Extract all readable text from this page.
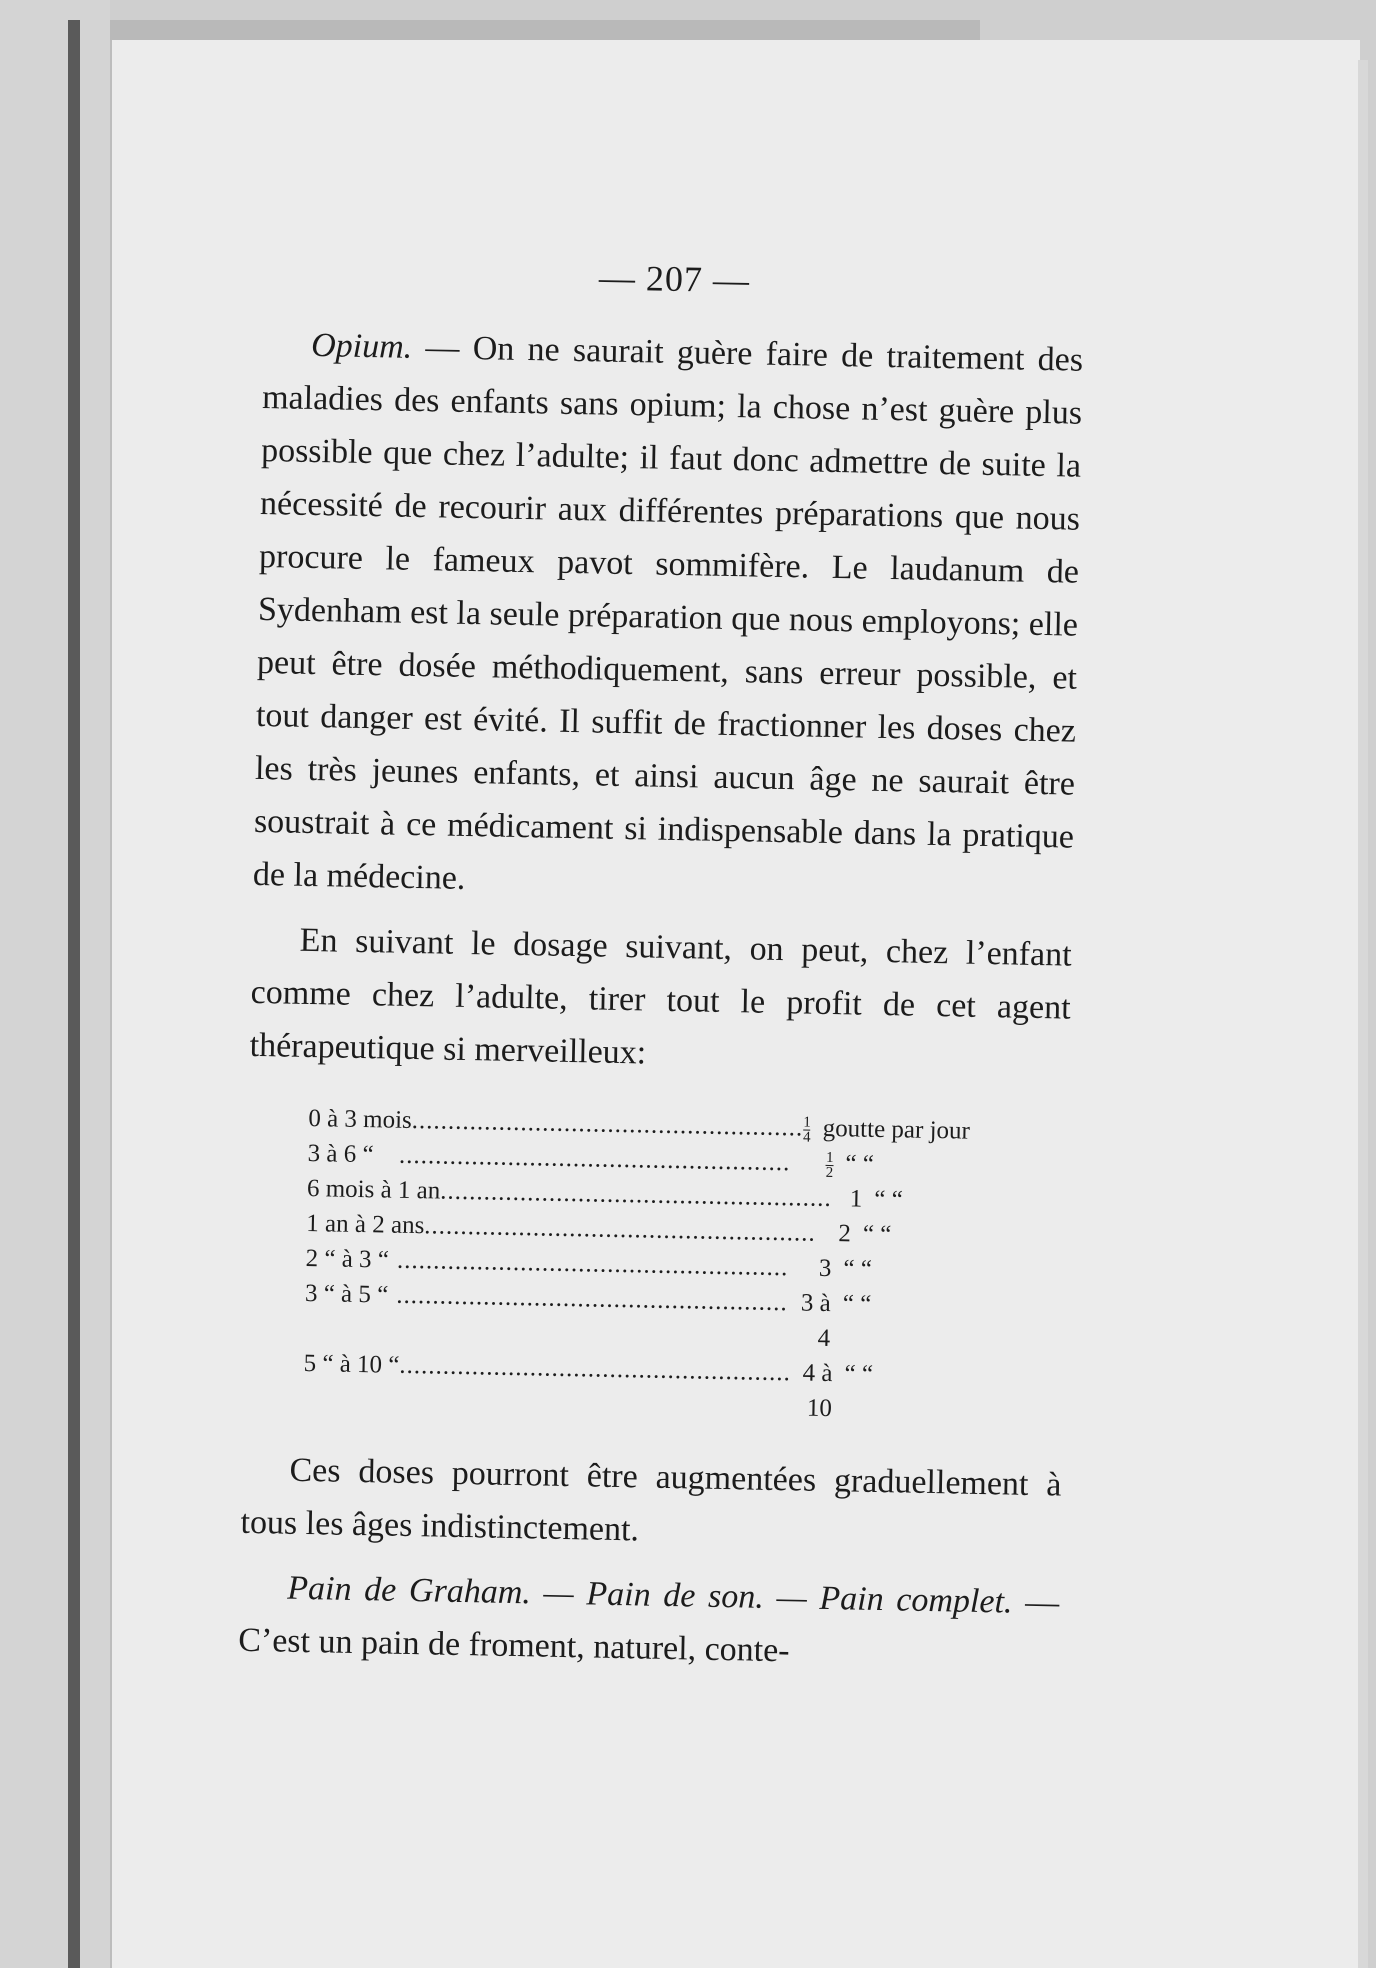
— 207 —

Opium. — On ne saurait guère faire de traitement des maladies des enfants sans opium; la chose n’est guère plus possible que chez l’adulte; il faut donc admettre de suite la nécessité de recourir aux différentes préparations que nous procure le fameux pavot sommifère. Le laudanum de Sydenham est la seule préparation que nous employons; elle peut être dosée méthodiquement, sans erreur possible, et tout danger est évité. Il suffit de fractionner les doses chez les très jeunes enfants, et ainsi aucun âge ne saurait être soustrait à ce médicament si indispensable dans la pratique de la médecine.

En suivant le dosage suivant, on peut, chez l’enfant comme chez l’adulte, tirer tout le profit de cet agent thérapeutique si merveilleux:

0 à 3 mois ...................................................... $\frac{1}{4}$ goutte par jour
3 à 6 “ ...................................................... $\frac{1}{2}$ “ “
6 mois à 1 an ...................................................... 1 “ “
1 an à 2 ans ...................................................... 2 “ “
2 “ à 3 “ ......................................................	3 “ “
3 “ à 5 “ ...................................................... 3 à 4
“ “
5 “ à 10 “ ...................................................... 4 à 10
“ “

Ces doses pourront être augmentées graduellement à tous les âges indistinctement.

Pain de Graham. — Pain de son. — Pain complet. — C’est un pain de froment, naturel, conte-
